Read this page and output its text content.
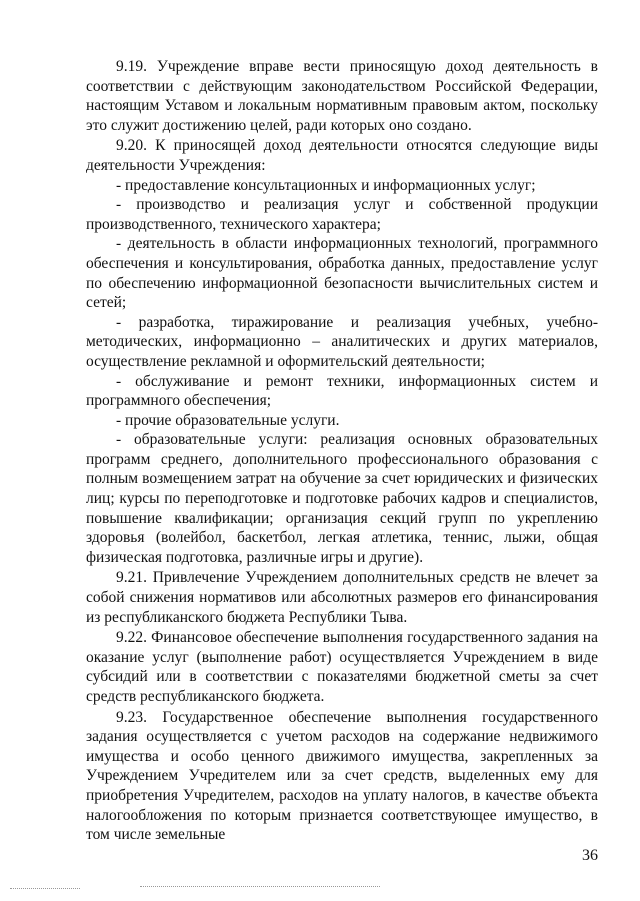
9.19. Учреждение вправе вести приносящую доход деятельность в соответствии с действующим законодательством Российской Федерации, настоящим Уставом и локальным нормативным правовым актом, поскольку это служит достижению целей, ради которых оно создано.

9.20. К приносящей доход деятельности относятся следующие виды деятельности Учреждения:

- предоставление консультационных и информационных услуг;

- производство и реализация услуг и собственной продукции производственного, технического характера;

- деятельность в области информационных технологий, программного обеспечения и консультирования, обработка данных, предоставление услуг по обеспечению информационной безопасности вычислительных систем и сетей;

- разработка, тиражирование и реализация учебных, учебно-методических, информационно – аналитических и других материалов, осуществление рекламной и оформительский деятельности;

- обслуживание и ремонт техники, информационных систем и программного обеспечения;

- прочие образовательные услуги.

- образовательные услуги: реализация основных образовательных программ среднего, дополнительного профессионального образования с полным возмещением затрат на обучение за счет юридических и физических лиц; курсы по переподготовке и подготовке рабочих кадров и специалистов, повышение квалификации; организация секций групп по укреплению здоровья (волейбол, баскетбол, легкая атлетика, теннис, лыжи, общая физическая подготовка, различные игры и другие).

9.21. Привлечение Учреждением дополнительных средств не влечет за собой снижения нормативов или абсолютных размеров его финансирования из республиканского бюджета Республики Тыва.

9.22. Финансовое обеспечение выполнения государственного задания на оказание услуг (выполнение работ) осуществляется Учреждением в виде субсидий или в соответствии с показателями бюджетной сметы за счет средств республиканского бюджета.

9.23. Государственное обеспечение выполнения государственного задания осуществляется с учетом расходов на содержание недвижимого имущества и особо ценного движимого имущества, закрепленных за Учреждением Учредителем или за счет средств, выделенных ему для приобретения Учредителем, расходов на уплату налогов, в качестве объекта налогообложения по которым признается соответствующее имущество, в том числе земельные

36
